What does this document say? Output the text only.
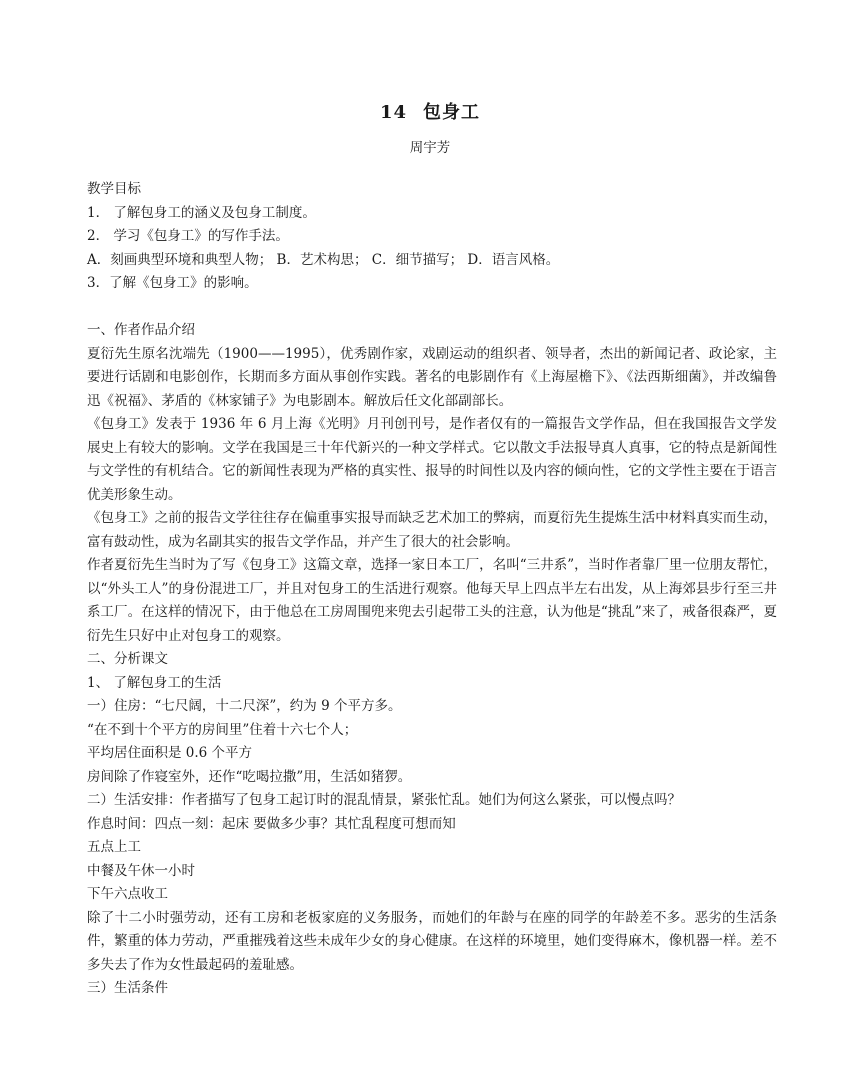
14 包身工
周宇芳

教学目标

1． 了解包身工的涵义及包身工制度。

2． 学习《包身工》的写作手法。

A．刻画典型环境和典型人物； B．艺术构思； C．细节描写； D．语言风格。

3．了解《包身工》的影响。

一、作者作品介绍

夏衍先生原名沈端先（1900——1995），优秀剧作家，戏剧运动的组织者、领导者，杰出的新闻记者、政论家，主要进行话剧和电影创作，长期而多方面从事创作实践。著名的电影剧作有《上海屋檐下》、《法西斯细菌》，并改编鲁迅《祝福》、茅盾的《林家铺子》为电影剧本。解放后任文化部副部长。

《包身工》发表于 1936 年 6 月上海《光明》月刊创刊号，是作者仅有的一篇报告文学作品，但在我国报告文学发展史上有较大的影响。文学在我国是三十年代新兴的一种文学样式。它以散文手法报导真人真事，它的特点是新闻性与文学性的有机结合。它的新闻性表现为严格的真实性、报导的时间性以及内容的倾向性，它的文学性主要在于语言优美形象生动。

《包身工》之前的报告文学往往存在偏重事实报导而缺乏艺术加工的弊病，而夏衍先生提炼生活中材料真实而生动，富有鼓动性，成为名副其实的报告文学作品，并产生了很大的社会影响。

作者夏衍先生当时为了写《包身工》这篇文章，选择一家日本工厂，名叫“三井系”，当时作者靠厂里一位朋友帮忙，以“外头工人”的身份混进工厂，并且对包身工的生活进行观察。他每天早上四点半左右出发，从上海郊县步行至三井系工厂。在这样的情况下，由于他总在工房周围兜来兜去引起带工头的注意，认为他是“挑乱”来了，戒备很森严，夏衍先生只好中止对包身工的观察。

二、分析课文

1、 了解包身工的生活

一）住房：“七尺阔，十二尺深”，约为 9 个平方多。

“在不到十个平方的房间里”住着十六七个人；

平均居住面积是 0.6 个平方

房间除了作寝室外，还作“吃喝拉撒”用，生活如猪猡。

二）生活安排：作者描写了包身工起订时的混乱情景，紧张忙乱。她们为何这么紧张，可以慢点吗？

作息时间：四点一刻：起床 要做多少事？其忙乱程度可想而知

五点上工

中餐及午休一小时

下午六点收工

除了十二小时强劳动，还有工房和老板家庭的义务服务，而她们的年龄与在座的同学的年龄差不多。恶劣的生活条件，繁重的体力劳动，严重摧残着这些未成年少女的身心健康。在这样的环境里，她们变得麻木，像机器一样。差不多失去了作为女性最起码的羞耻感。

三）生活条件
